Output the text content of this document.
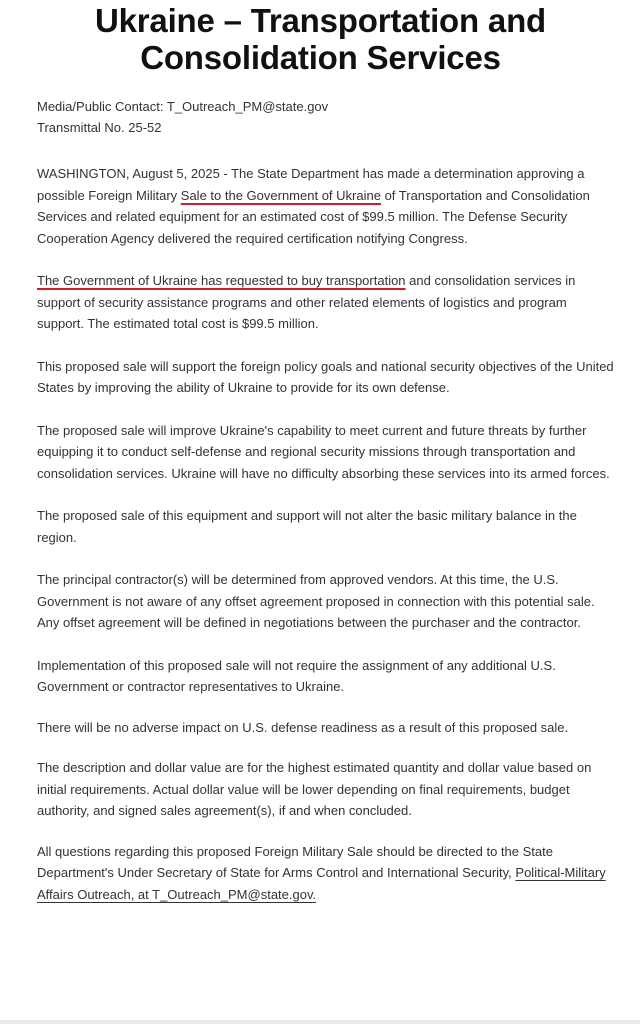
Ukraine – Transportation and Consolidation Services
Media/Public Contact: T_Outreach_PM@state.gov
Transmittal No. 25-52

WASHINGTON, August 5, 2025 - The State Department has made a determination approving a possible Foreign Military Sale to the Government of Ukraine of Transportation and Consolidation Services and related equipment for an estimated cost of $99.5 million. The Defense Security Cooperation Agency delivered the required certification notifying Congress.

The Government of Ukraine has requested to buy transportation and consolidation services in support of security assistance programs and other related elements of logistics and program support. The estimated total cost is $99.5 million.

This proposed sale will support the foreign policy goals and national security objectives of the United States by improving the ability of Ukraine to provide for its own defense.

The proposed sale will improve Ukraine's capability to meet current and future threats by further equipping it to conduct self-defense and regional security missions through transportation and consolidation services. Ukraine will have no difficulty absorbing these services into its armed forces.

The proposed sale of this equipment and support will not alter the basic military balance in the region.

The principal contractor(s) will be determined from approved vendors. At this time, the U.S. Government is not aware of any offset agreement proposed in connection with this potential sale. Any offset agreement will be defined in negotiations between the purchaser and the contractor.

Implementation of this proposed sale will not require the assignment of any additional U.S. Government or contractor representatives to Ukraine.

There will be no adverse impact on U.S. defense readiness as a result of this proposed sale.

The description and dollar value are for the highest estimated quantity and dollar value based on initial requirements. Actual dollar value will be lower depending on final requirements, budget authority, and signed sales agreement(s), if and when concluded.

All questions regarding this proposed Foreign Military Sale should be directed to the State Department's Under Secretary of State for Arms Control and International Security, Political-Military Affairs Outreach, at T_Outreach_PM@state.gov.
